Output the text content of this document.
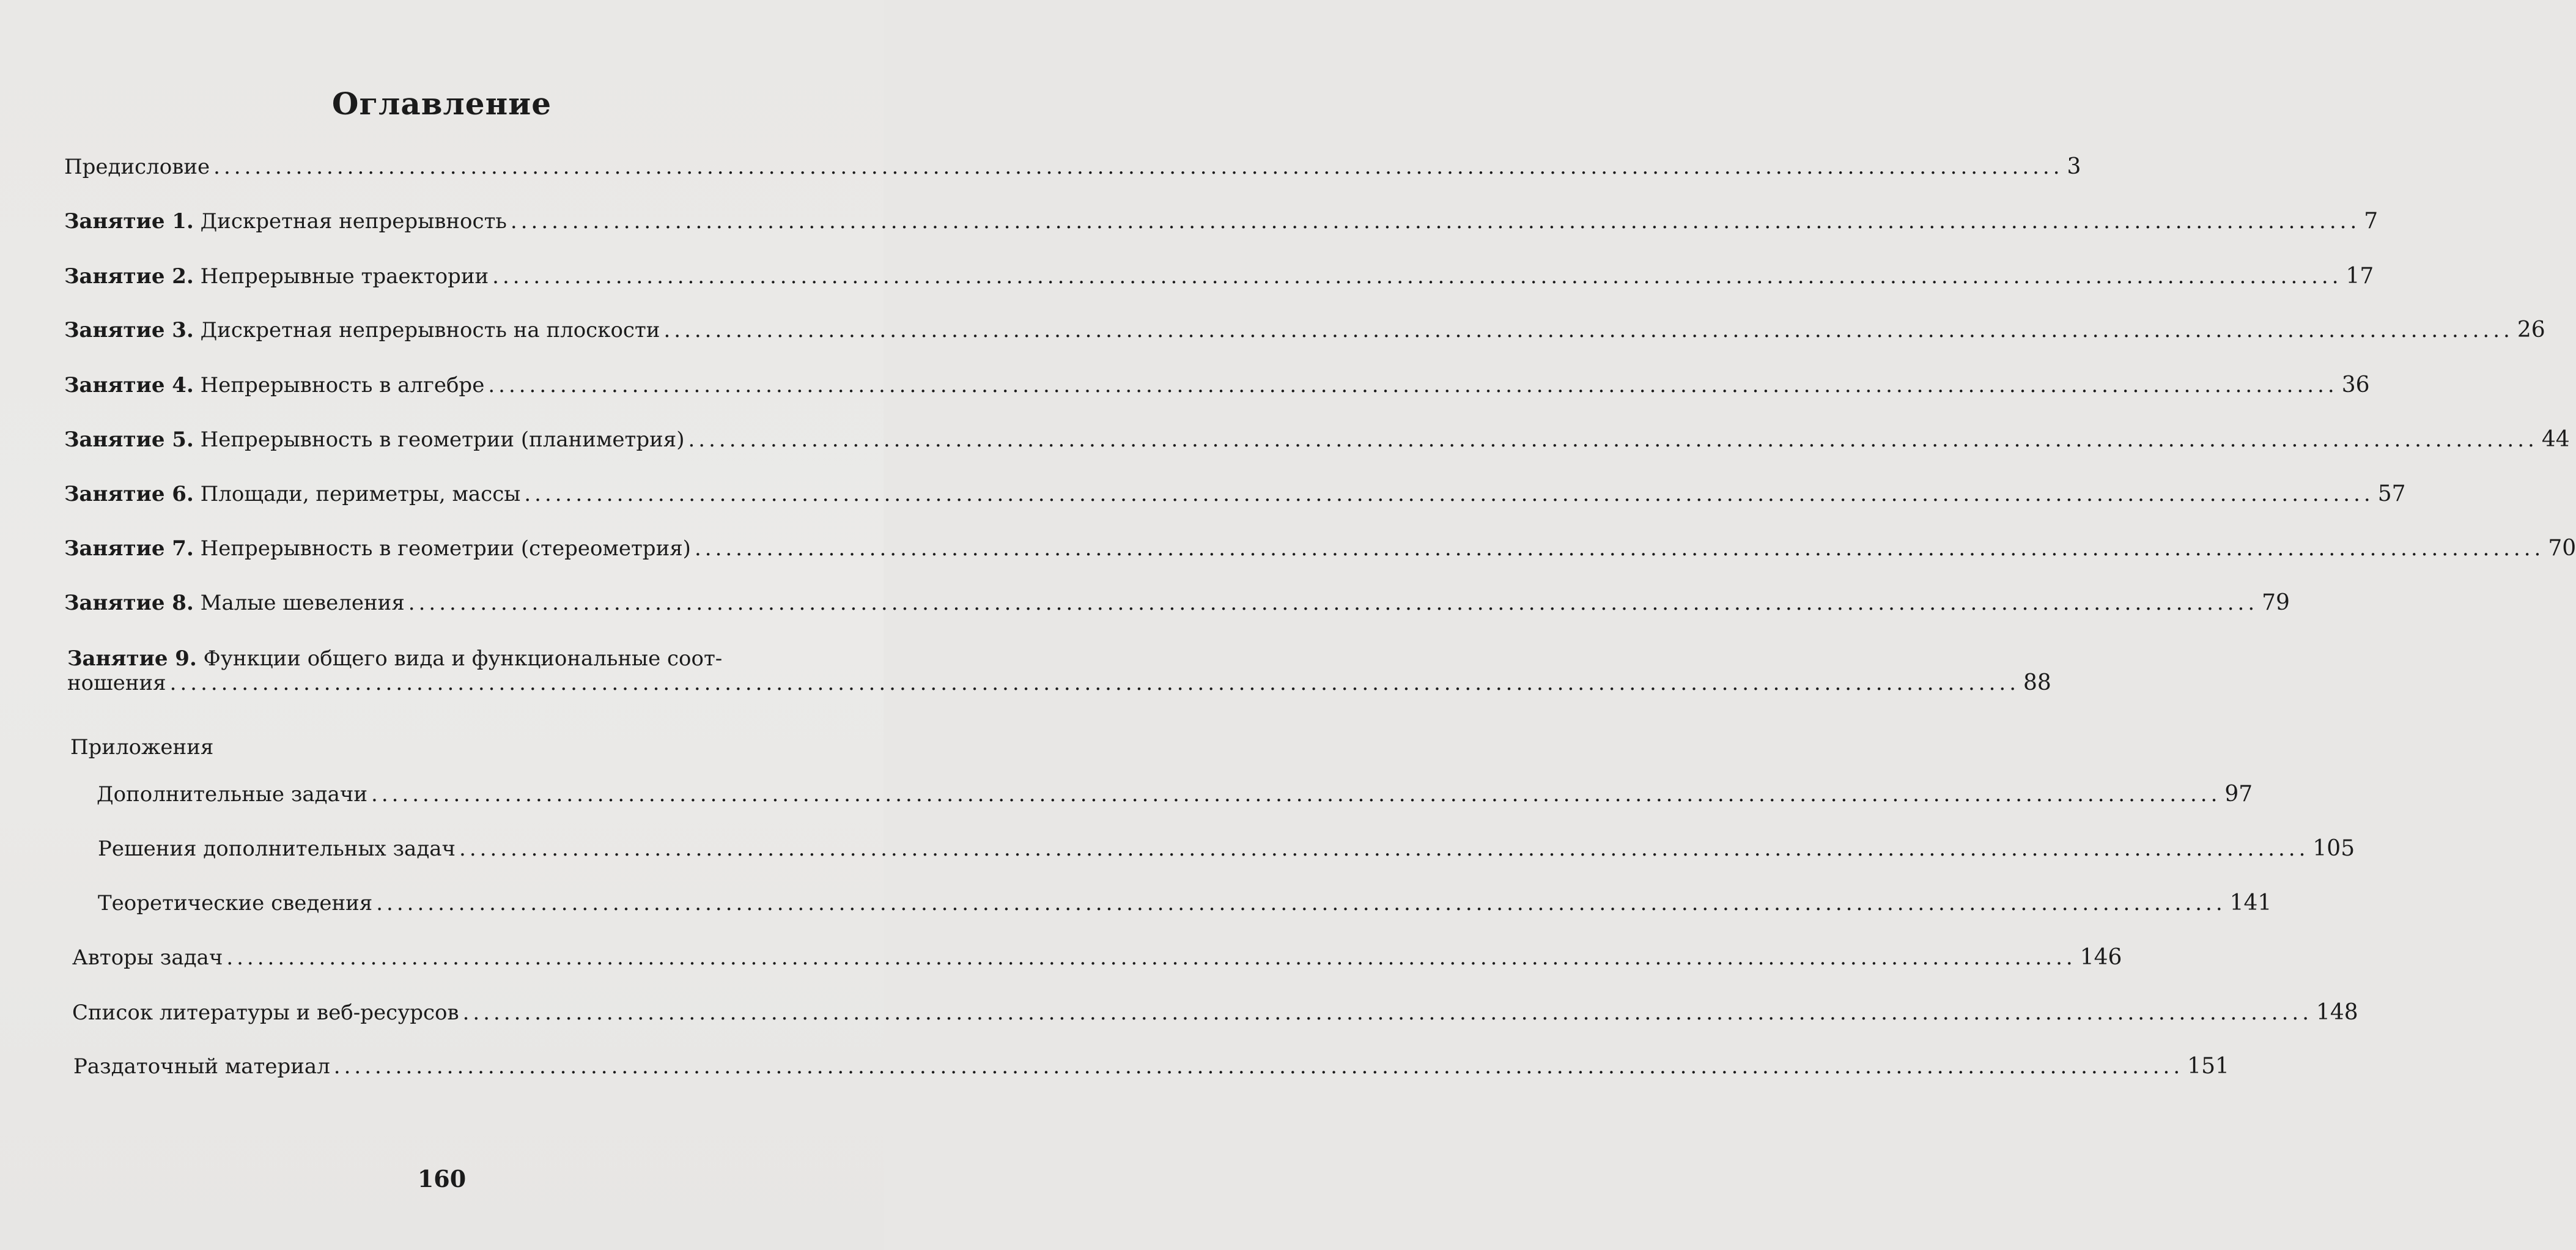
Оглавление
Предисловие .................................................................................................................................................................................... 3
Занятие 1. Дискретная непрерывность .................................................................................................................................................................................... 7
Занятие 2. Непрерывные траектории .................................................................................................................................................................................... 17
Занятие 3. Дискретная непрерывность на плоскости .................................................................................................................................................................................... 26
Занятие 4. Непрерывность в алгебре .................................................................................................................................................................................... 36
Занятие 5. Непрерывность в геометрии (планиметрия) .................................................................................................................................................................................... 44
Занятие 6. Площади, периметры, массы .................................................................................................................................................................................... 57
Занятие 7. Непрерывность в геометрии (стереометрия) .................................................................................................................................................................................... 70
Занятие 8. Малые шевеления .................................................................................................................................................................................... 79
Занятие 9. Функции общего вида и функциональные соот-
ношения .................................................................................................................................................................................... 88
Приложения
Дополнительные задачи .................................................................................................................................................................................... 97
Решения дополнительных задач .................................................................................................................................................................................... 105
Теоретические сведения .................................................................................................................................................................................... 141
Авторы задач .................................................................................................................................................................................... 146
Список литературы и веб-ресурсов .................................................................................................................................................................................... 148
Раздаточный материал .................................................................................................................................................................................... 151
160
